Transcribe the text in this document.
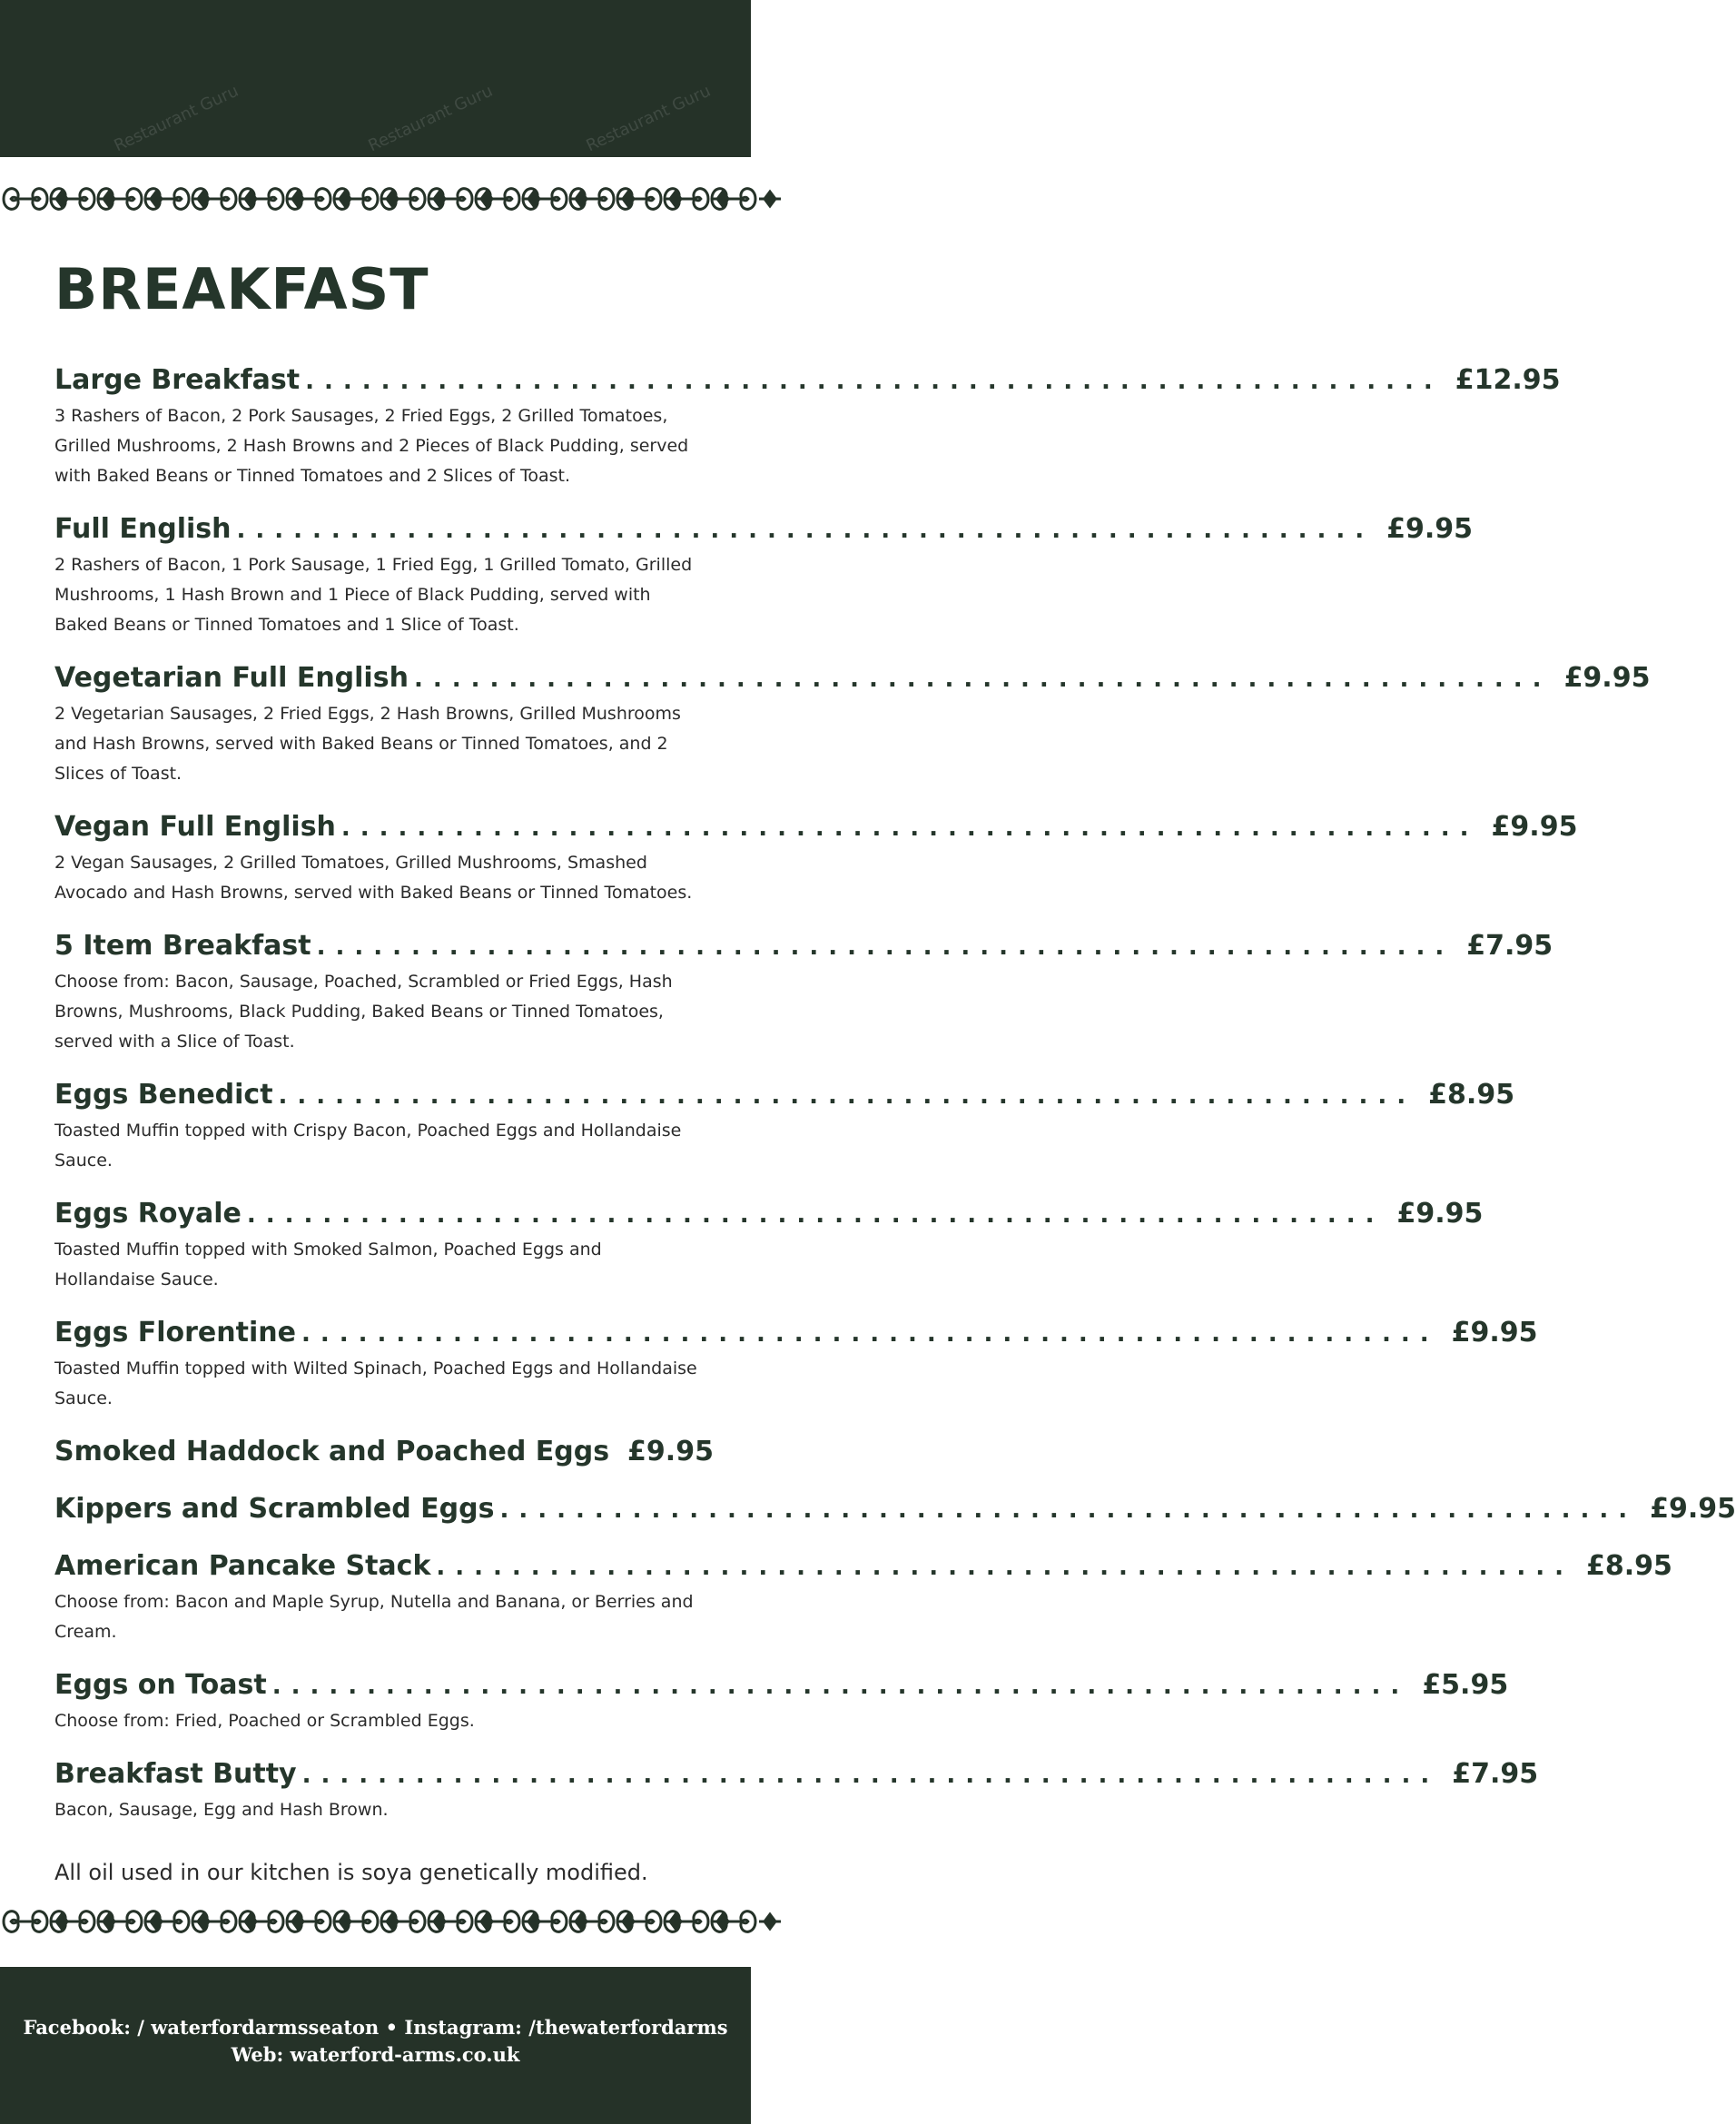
Restaurant Guru	Restaurant Guru	Restaurant Guru
BREAKFAST
Large Breakfast ............................................................ £12.95
3 Rashers of Bacon, 2 Pork Sausages, 2 Fried Eggs, 2 Grilled Tomatoes, Grilled Mushrooms, 2 Hash Browns and 2 Pieces of Black Pudding, served with Baked Beans or Tinned Tomatoes and 2 Slices of Toast.
Full English ............................................................ £9.95
2 Rashers of Bacon, 1 Pork Sausage, 1 Fried Egg, 1 Grilled Tomato, Grilled Mushrooms, 1 Hash Brown and 1 Piece of Black Pudding, served with Baked Beans or Tinned Tomatoes and 1 Slice of Toast.
Vegetarian Full English ............................................................ £9.95
2 Vegetarian Sausages, 2 Fried Eggs, 2 Hash Browns, Grilled Mushrooms and Hash Browns, served with Baked Beans or Tinned Tomatoes, and 2 Slices of Toast.
Vegan Full English ............................................................ £9.95
2 Vegan Sausages, 2 Grilled Tomatoes, Grilled Mushrooms, Smashed Avocado and Hash Browns, served with Baked Beans or Tinned Tomatoes.
5 Item Breakfast ............................................................ £7.95
Choose from: Bacon, Sausage, Poached, Scrambled or Fried Eggs, Hash Browns, Mushrooms, Black Pudding, Baked Beans or Tinned Tomatoes, served with a Slice of Toast.
Eggs Benedict ............................................................ £8.95
Toasted Muffin topped with Crispy Bacon, Poached Eggs and Hollandaise Sauce.
Eggs Royale ............................................................ £9.95
Toasted Muffin topped with Smoked Salmon, Poached Eggs and Hollandaise Sauce.
Eggs Florentine ............................................................ £9.95
Toasted Muffin topped with Wilted Spinach, Poached Eggs and Hollandaise Sauce.
Smoked Haddock and Poached Eggs £9.95
Kippers and Scrambled Eggs ............................................................ £9.95
American Pancake Stack ............................................................ £8.95
Choose from: Bacon and Maple Syrup, Nutella and Banana, or Berries and Cream.
Eggs on Toast ............................................................ £5.95
Choose from: Fried, Poached or Scrambled Eggs.
Breakfast Butty ............................................................ £7.95
Bacon, Sausage, Egg and Hash Brown.
All oil used in our kitchen is soya genetically modified.
Facebook: / waterfordarmsseaton • Instagram: /thewaterfordarms
Web: waterford-arms.co.uk
